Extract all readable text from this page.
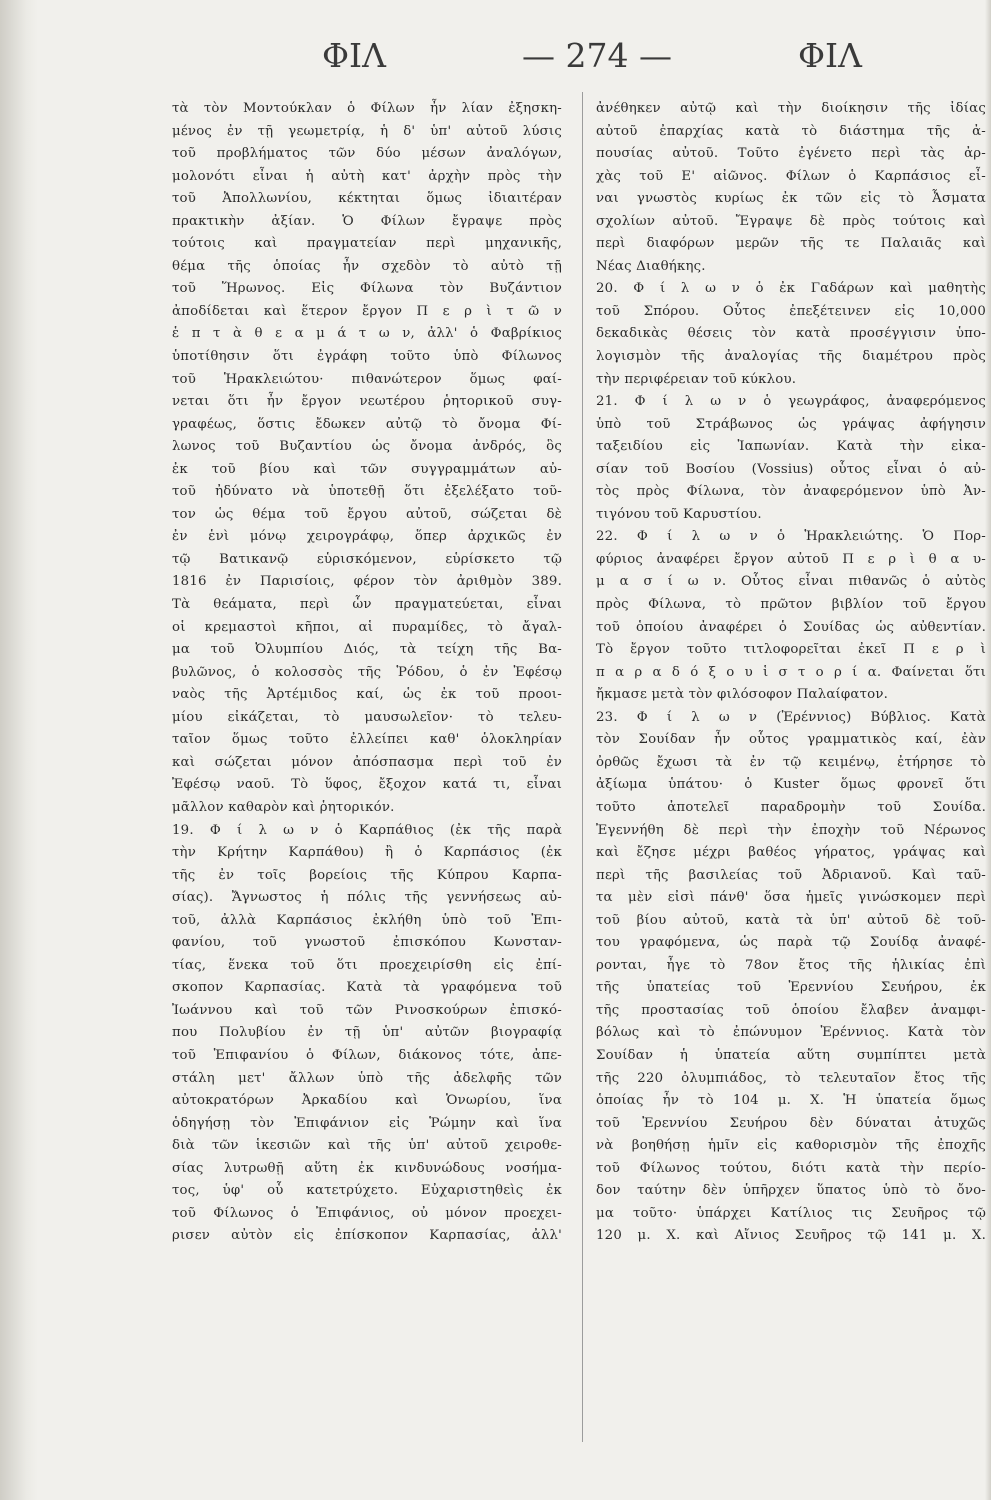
ΦΙΛ	— 274 —	ΦΙΛ
τὰ τὸν Μοντούκλαν ὁ Φίλων ἦν λίαν ἐξησκη-
μένος ἐν τῇ γεωμετρίᾳ, ἡ δ' ὑπ' αὐτοῦ λύσις
τοῦ προβλήματος τῶν δύο μέσων ἀναλόγων,
μολονότι εἶναι ἡ αὐτὴ κατ' ἀρχὴν πρὸς τὴν
τοῦ Ἀπολλωνίου, κέκτηται ὅμως ἰδιαιτέραν
πρακτικὴν ἀξίαν. Ὁ Φίλων ἔγραψε πρὸς
τούτοις καὶ πραγματείαν περὶ μηχανικῆς,
θέμα τῆς ὁποίας ἦν σχεδὸν τὸ αὐτὸ τῇ
τοῦ Ἥρωνος. Εἰς Φίλωνα τὸν Βυζάντιον
ἀποδίδεται καὶ ἕτερον ἔργον Π ε ρ ὶ τ ῶ ν
ἑ π τ ὰ θ ε α μ ά τ ω ν, ἀλλ' ὁ Φαβρίκιος
ὑποτίθησιν ὅτι ἐγράφη τοῦτο ὑπὸ Φίλωνος
τοῦ Ἡρακλειώτου· πιθανώτερον ὅμως φαί-
νεται ὅτι ἦν ἔργον νεωτέρου ῥητορικοῦ συγ-
γραφέως, ὅστις ἔδωκεν αὐτῷ τὸ ὄνομα Φί-
λωνος τοῦ Βυζαντίου ὡς ὄνομα ἀνδρός, ὃς
ἐκ τοῦ βίου καὶ τῶν συγγραμμάτων αὐ-
τοῦ ἠδύνατο νὰ ὑποτεθῇ ὅτι ἐξελέξατο τοῦ-
τον ὡς θέμα τοῦ ἔργου αὐτοῦ, σώζεται δὲ
ἐν ἑνὶ μόνῳ χειρογράφῳ, ὅπερ ἀρχικῶς ἐν
τῷ Βατικανῷ εὑρισκόμενον, εὑρίσκετο τῷ
1816 ἐν Παρισίοις, φέρον τὸν ἀριθμὸν 389.
Τὰ θεάματα, περὶ ὧν πραγματεύεται, εἶναι
οἱ κρεμαστοὶ κῆποι, αἱ πυραμίδες, τὸ ἄγαλ-
μα τοῦ Ὀλυμπίου Διός, τὰ τείχη τῆς Βα-
βυλῶνος, ὁ κολοσσὸς τῆς Ῥόδου, ὁ ἐν Ἐφέσῳ
ναὸς τῆς Ἀρτέμιδος καί, ὡς ἐκ τοῦ προοι-
μίου εἰκάζεται, τὸ μαυσωλεῖον· τὸ τελευ-
ταῖον ὅμως τοῦτο ἐλλείπει καθ' ὁλοκληρίαν
καὶ σώζεται μόνον ἀπόσπασμα περὶ τοῦ ἐν
Ἐφέσῳ ναοῦ. Τὸ ὕφος, ἔξοχον κατά τι, εἶναι
μᾶλλον καθαρὸν καὶ ῥητορικόν.
19. Φ ί λ ω ν ὁ Καρπάθιος (ἐκ τῆς παρὰ
τὴν Κρήτην Καρπάθου) ἢ ὁ Καρπάσιος (ἐκ
τῆς ἐν τοῖς βορείοις τῆς Κύπρου Καρπα-
σίας). Ἄγνωστος ἡ πόλις τῆς γεννήσεως αὐ-
τοῦ, ἀλλὰ Καρπάσιος ἐκλήθη ὑπὸ τοῦ Ἐπι-
φανίου, τοῦ γνωστοῦ ἐπισκόπου Κωνσταν-
τίας, ἕνεκα τοῦ ὅτι προεχειρίσθη εἰς ἐπί-
σκοπον Καρπασίας. Κατὰ τὰ γραφόμενα τοῦ
Ἰωάννου καὶ τοῦ τῶν Ρινοσκούρων ἐπισκό-
που Πολυβίου ἐν τῇ ὑπ' αὐτῶν βιογραφίᾳ
τοῦ Ἐπιφανίου ὁ Φίλων, διάκονος τότε, ἀπε-
στάλη μετ' ἄλλων ὑπὸ τῆς ἀδελφῆς τῶν
αὐτοκρατόρων Ἀρκαδίου καὶ Ὁνωρίου, ἵνα
ὁδηγήσῃ τὸν Ἐπιφάνιον εἰς Ῥώμην καὶ ἵνα
διὰ τῶν ἱκεσιῶν καὶ τῆς ὑπ' αὐτοῦ χειροθε-
σίας λυτρωθῇ αὕτη ἐκ κινδυνώδους νοσήμα-
τος, ὑφ' οὗ κατετρύχετο. Εὐχαριστηθεὶς ἐκ
τοῦ Φίλωνος ὁ Ἐπιφάνιος, οὐ μόνον προεχει-
ρισεν αὐτὸν εἰς ἐπίσκοπον Καρπασίας, ἀλλ'
ἀνέθηκεν αὐτῷ καὶ τὴν διοίκησιν τῆς ἰδίας
αὐτοῦ ἐπαρχίας κατὰ τὸ διάστημα τῆς ἀ-
πουσίας αὐτοῦ. Τοῦτο ἐγένετο περὶ τὰς ἀρ-
χὰς τοῦ Ε' αἰῶνος. Φίλων ὁ Καρπάσιος εἶ-
ναι γνωστὸς κυρίως ἐκ τῶν εἰς τὸ Ἆσματα
σχολίων αὐτοῦ. Ἔγραψε δὲ πρὸς τούτοις καὶ
περὶ διαφόρων μερῶν τῆς τε Παλαιᾶς καὶ
Νέας Διαθήκης.
20. Φ ί λ ω ν ὁ ἐκ Γαδάρων καὶ μαθητὴς
τοῦ Σπόρου. Οὗτος ἐπεξέτεινεν εἰς 10,000
δεκαδικὰς θέσεις τὸν κατὰ προσέγγισιν ὑπο-
λογισμὸν τῆς ἀναλογίας τῆς διαμέτρου πρὸς
τὴν περιφέρειαν τοῦ κύκλου.
21. Φ ί λ ω ν ὁ γεωγράφος, ἀναφερόμενος
ὑπὸ τοῦ Στράβωνος ὡς γράψας ἀφήγησιν
ταξειδίου εἰς Ἰαπωνίαν. Κατὰ τὴν εἰκα-
σίαν τοῦ Βοσίου (Vossius) οὗτος εἶναι ὁ αὐ-
τὸς πρὸς Φίλωνα, τὸν ἀναφερόμενον ὑπὸ Ἀν-
τιγόνου τοῦ Καρυστίου.
22. Φ ί λ ω ν ὁ Ἡρακλειώτης. Ὁ Πορ-
φύριος ἀναφέρει ἔργον αὐτοῦ Π ε ρ ὶ θ α υ-
μ α σ ί ω ν. Οὗτος εἶναι πιθανῶς ὁ αὐτὸς
πρὸς Φίλωνα, τὸ πρῶτον βιβλίον τοῦ ἔργου
τοῦ ὁποίου ἀναφέρει ὁ Σουίδας ὡς αὐθεντίαν.
Τὸ ἔργον τοῦτο τιτλοφορεῖται ἐκεῖ Π ε ρ ὶ
π α ρ α δ ό ξ ο υ ἱ σ τ ο ρ ί α. Φαίνεται ὅτι
ἤκμασε μετὰ τὸν φιλόσοφον Παλαίφατον.
23. Φ ί λ ω ν (Ἐρέννιος) Βύβλιος. Κατὰ
τὸν Σουίδαν ἦν οὗτος γραμματικὸς καί, ἐὰν
ὀρθῶς ἔχωσι τὰ ἐν τῷ κειμένῳ, ἐτήρησε τὸ
ἀξίωμα ὑπάτου· ὁ Kuster ὅμως φρονεῖ ὅτι
τοῦτο ἀποτελεῖ παραδρομὴν τοῦ Σουίδα.
Ἐγεννήθη δὲ περὶ τὴν ἐποχὴν τοῦ Νέρωνος
καὶ ἔζησε μέχρι βαθέος γήρατος, γράψας καὶ
περὶ τῆς βασιλείας τοῦ Ἀδριανοῦ. Καὶ ταῦ-
τα μὲν εἰσὶ πάνθ' ὅσα ἡμεῖς γινώσκομεν περὶ
τοῦ βίου αὐτοῦ, κατὰ τὰ ὑπ' αὐτοῦ δὲ τοῦ-
του γραφόμενα, ὡς παρὰ τῷ Σουίδᾳ ἀναφέ-
ρονται, ἦγε τὸ 78ον ἔτος τῆς ἡλικίας ἐπὶ
τῆς ὑπατείας τοῦ Ἐρεννίου Σευήρου, ἐκ
τῆς προστασίας τοῦ ὁποίου ἔλαβεν ἀναμφι-
βόλως καὶ τὸ ἐπώνυμον Ἐρέννιος. Κατὰ τὸν
Σουίδαν ἡ ὑπατεία αὕτη συμπίπτει μετὰ
τῆς 220 ὀλυμπιάδος, τὸ τελευταῖον ἔτος τῆς
ὁποίας ἦν τὸ 104 μ. Χ. Ἡ ὑπατεία ὅμως
τοῦ Ἐρεννίου Σευήρου δὲν δύναται ἀτυχῶς
νὰ βοηθήσῃ ἡμῖν εἰς καθορισμὸν τῆς ἐποχῆς
τοῦ Φίλωνος τούτου, διότι κατὰ τὴν περίο-
δον ταύτην δὲν ὑπῆρχεν ὕπατος ὑπὸ τὸ ὄνο-
μα τοῦτο· ὑπάρχει Κατίλιος τις Σευῆρος τῷ
120 μ. Χ. καὶ Αἴνιος Σευῆρος τῷ 141 μ. Χ.
